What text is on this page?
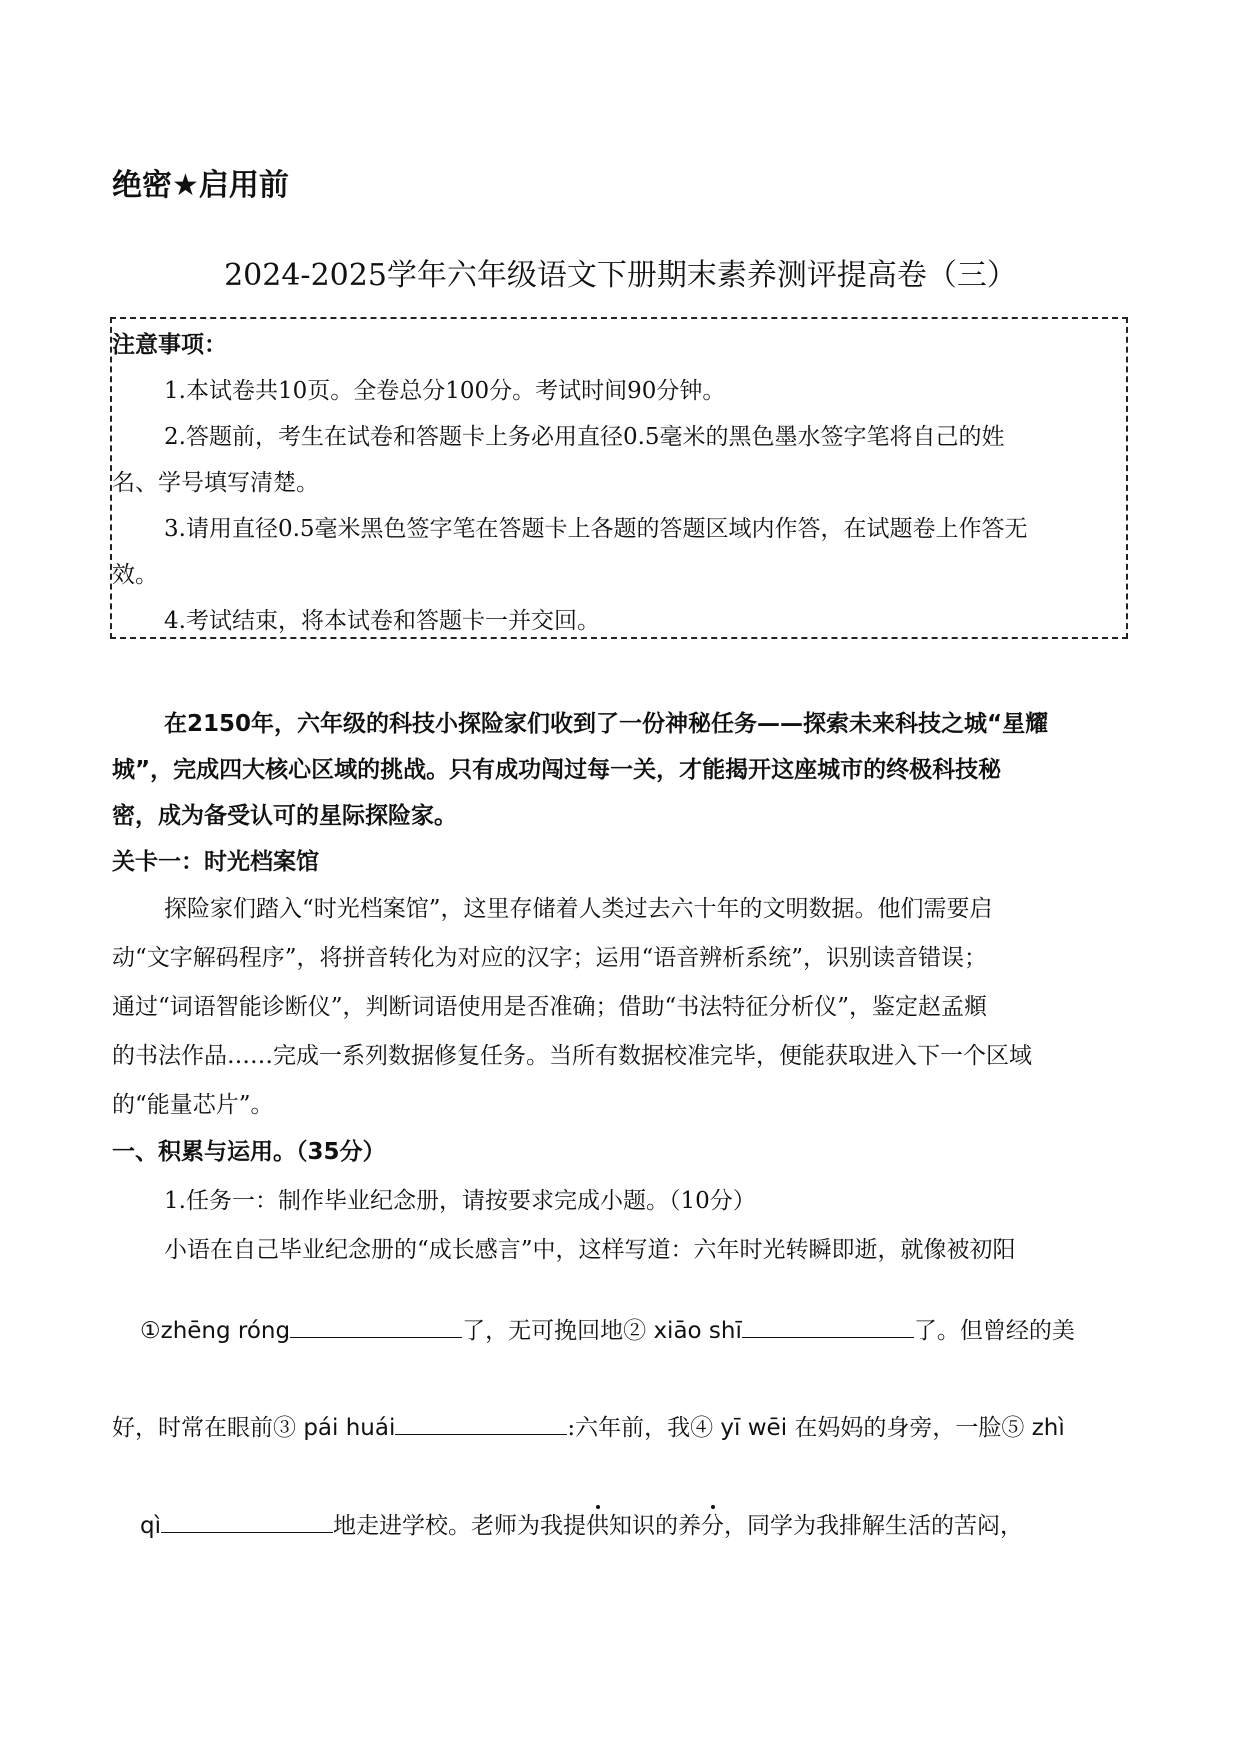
绝密★启用前
2024-2025学年六年级语文下册期末素养测评提高卷（三）
注意事项：
1.本试卷共10页。全卷总分100分。考试时间90分钟。
2.答题前，考生在试卷和答题卡上务必用直径0.5毫米的黑色墨水签字笔将自己的姓
名、学号填写清楚。
3.请用直径0.5毫米黑色签字笔在答题卡上各题的答题区域内作答，在试题卷上作答无
效。
4.考试结束，将本试卷和答题卡一并交回。
在2150年，六年级的科技小探险家们收到了一份神秘任务——探索未来科技之城“星耀
城”，完成四大核心区域的挑战。只有成功闯过每一关，才能揭开这座城市的终极科技秘
密，成为备受认可的星际探险家。
关卡一：时光档案馆
探险家们踏入“时光档案馆”，这里存储着人类过去六十年的文明数据。他们需要启
动“文字解码程序”，将拼音转化为对应的汉字；运用“语音辨析系统”，识别读音错误；
通过“词语智能诊断仪”，判断词语使用是否准确；借助“书法特征分析仪”，鉴定赵孟頫
的书法作品……完成一系列数据修复任务。当所有数据校准完毕，便能获取进入下一个区域
的“能量芯片”。
一、积累与运用。（35分）
1.任务一：制作毕业纪念册，请按要求完成小题。（10分）
小语在自己毕业纪念册的“成长感言”中，这样写道：六年时光转瞬即逝，就像被初阳
①zhēng róng	了，无可挽回地② xiāo shī	了。但曾经的美
好，时常在眼前③ pái huái	:六年前，我④ yī wēi 在妈妈的身旁，一脸⑤ zhì
qì	地走进学校。老师为我提供知识的养分，同学为我排解生活的苦闷，
